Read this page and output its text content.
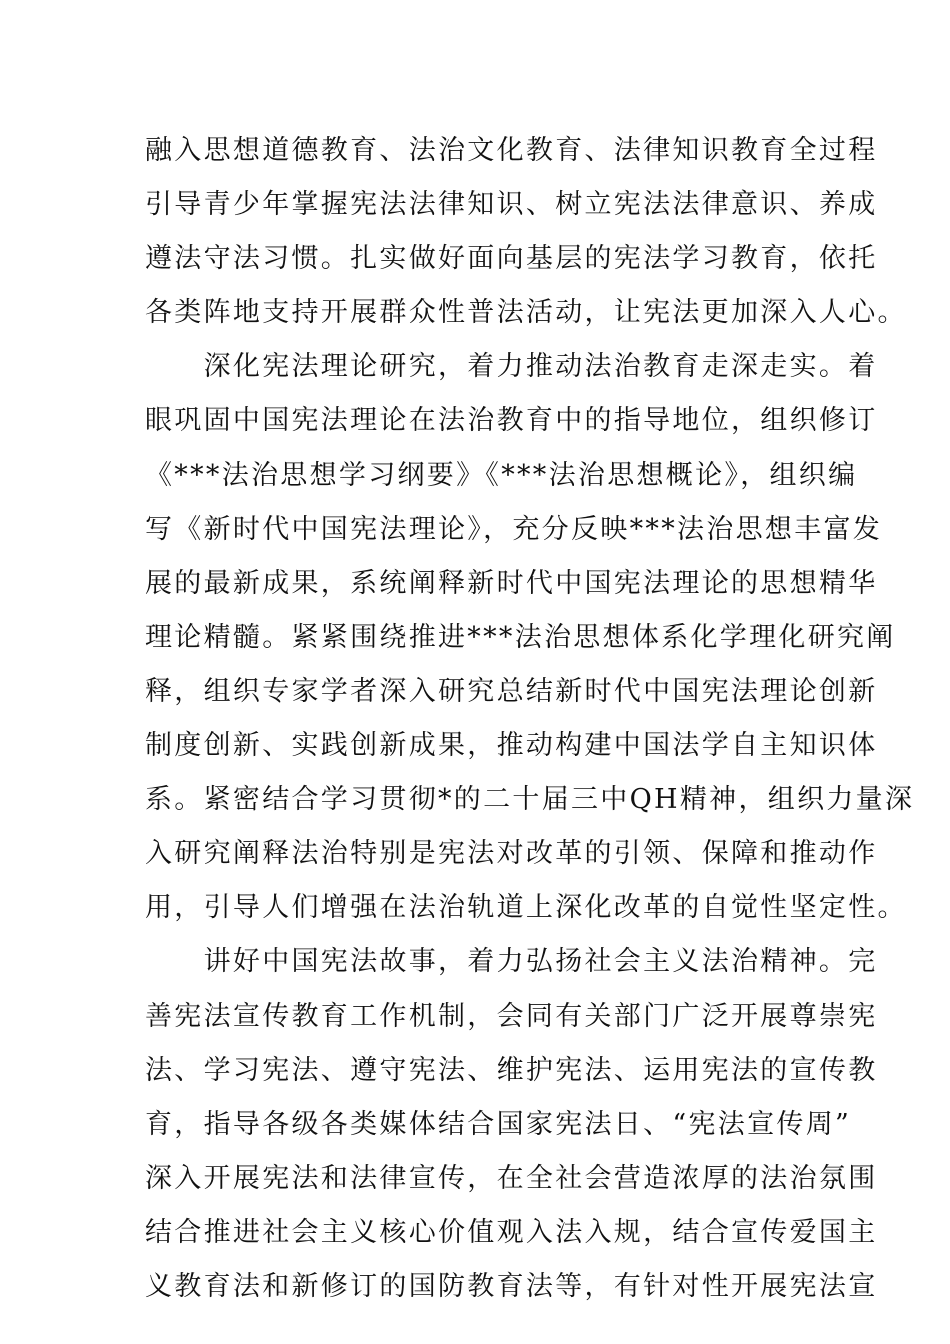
融入思想道德教育、法治文化教育、法律知识教育全过程
引导青少年掌握宪法法律知识、树立宪法法律意识、养成
遵法守法习惯。扎实做好面向基层的宪法学习教育，依托
各类阵地支持开展群众性普法活动，让宪法更加深入人心。
　　深化宪法理论研究，着力推动法治教育走深走实。着
眼巩固中国宪法理论在法治教育中的指导地位，组织修订
《***法治思想学习纲要》《***法治思想概论》，组织编
写《新时代中国宪法理论》，充分反映***法治思想丰富发
展的最新成果，系统阐释新时代中国宪法理论的思想精华
理论精髓。紧紧围绕推进***法治思想体系化学理化研究阐
释，组织专家学者深入研究总结新时代中国宪法理论创新
制度创新、实践创新成果，推动构建中国法学自主知识体
系。紧密结合学习贯彻*的二十届三中QH精神，组织力量深
入研究阐释法治特别是宪法对改革的引领、保障和推动作
用，引导人们增强在法治轨道上深化改革的自觉性坚定性。
　　讲好中国宪法故事，着力弘扬社会主义法治精神。完
善宪法宣传教育工作机制，会同有关部门广泛开展尊崇宪
法、学习宪法、遵守宪法、维护宪法、运用宪法的宣传教
育，指导各级各类媒体结合国家宪法日、“宪法宣传周”
深入开展宪法和法律宣传，在全社会营造浓厚的法治氛围
结合推进社会主义核心价值观入法入规，结合宣传爱国主
义教育法和新修订的国防教育法等，有针对性开展宪法宣
